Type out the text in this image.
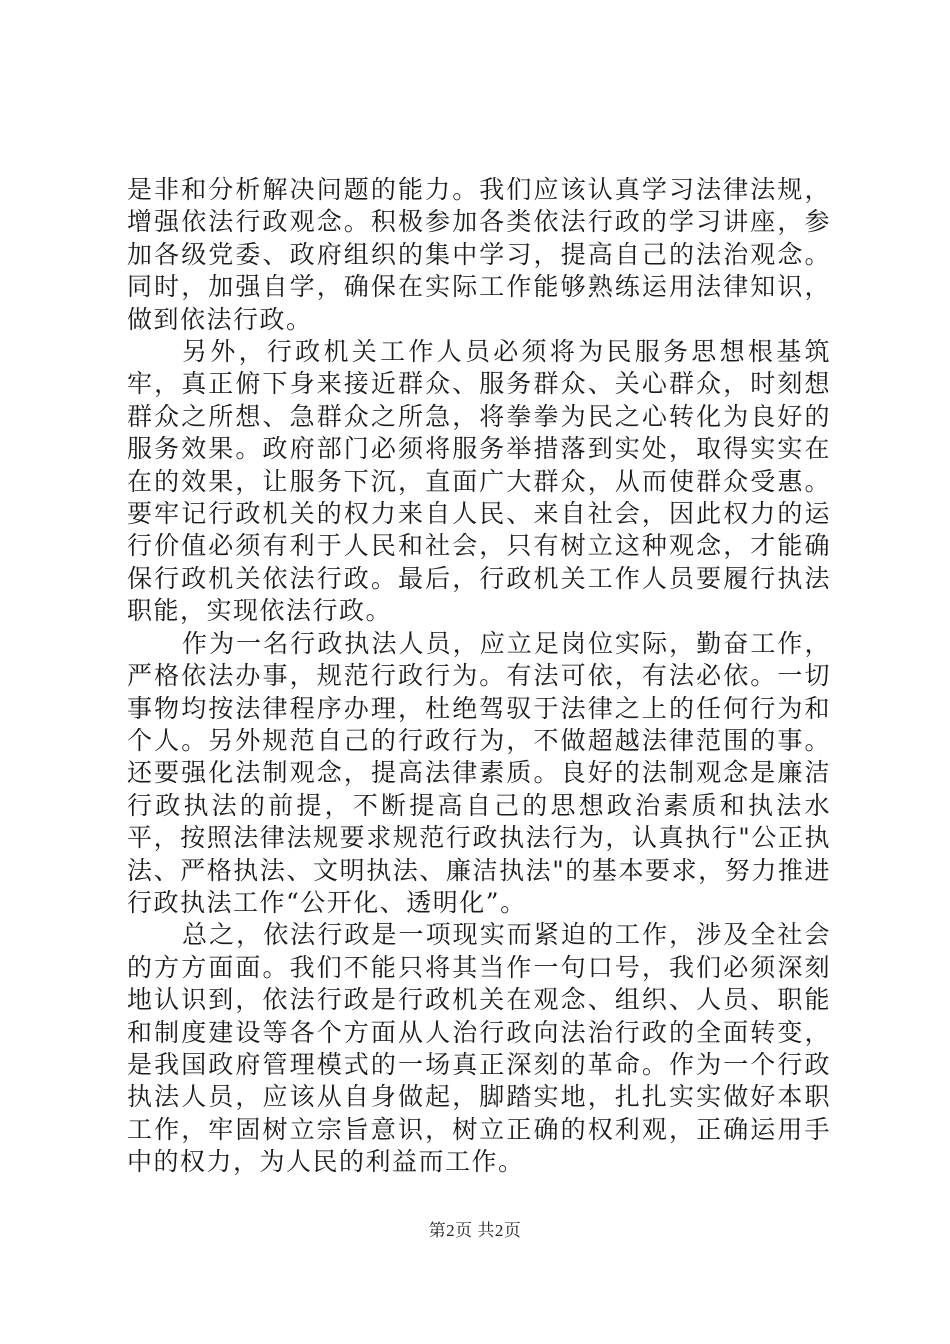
是非和分析解决问题的能力。我们应该认真学习法律法规，增强依法行政观念。积极参加各类依法行政的学习讲座，参加各级党委、政府组织的集中学习，提高自己的法治观念。同时，加强自学，确保在实际工作能够熟练运用法律知识，做到依法行政。

另外，行政机关工作人员必须将为民服务思想根基筑牢，真正俯下身来接近群众、服务群众、关心群众，时刻想群众之所想、急群众之所急，将拳拳为民之心转化为良好的服务效果。政府部门必须将服务举措落到实处，取得实实在在的效果，让服务下沉，直面广大群众，从而使群众受惠。要牢记行政机关的权力来自人民、来自社会，因此权力的运行价值必须有利于人民和社会，只有树立这种观念，才能确保行政机关依法行政。最后，行政机关工作人员要履行执法职能，实现依法行政。

作为一名行政执法人员，应立足岗位实际，勤奋工作，严格依法办事，规范行政行为。有法可依，有法必依。一切事物均按法律程序办理，杜绝驾驭于法律之上的任何行为和个人。另外规范自己的行政行为，不做超越法律范围的事。还要强化法制观念，提高法律素质。良好的法制观念是廉洁行政执法的前提，不断提高自己的思想政治素质和执法水平，按照法律法规要求规范行政执法行为，认真执行"公正执法、严格执法、文明执法、廉洁执法"的基本要求，努力推进行政执法工作“公开化、透明化”。

总之，依法行政是一项现实而紧迫的工作，涉及全社会的方方面面。我们不能只将其当作一句口号，我们必须深刻地认识到，依法行政是行政机关在观念、组织、人员、职能和制度建设等各个方面从人治行政向法治行政的全面转变，是我国政府管理模式的一场真正深刻的革命。作为一个行政执法人员，应该从自身做起，脚踏实地，扎扎实实做好本职工作，牢固树立宗旨意识，树立正确的权利观，正确运用手中的权力，为人民的利益而工作。

第2页 共2页
